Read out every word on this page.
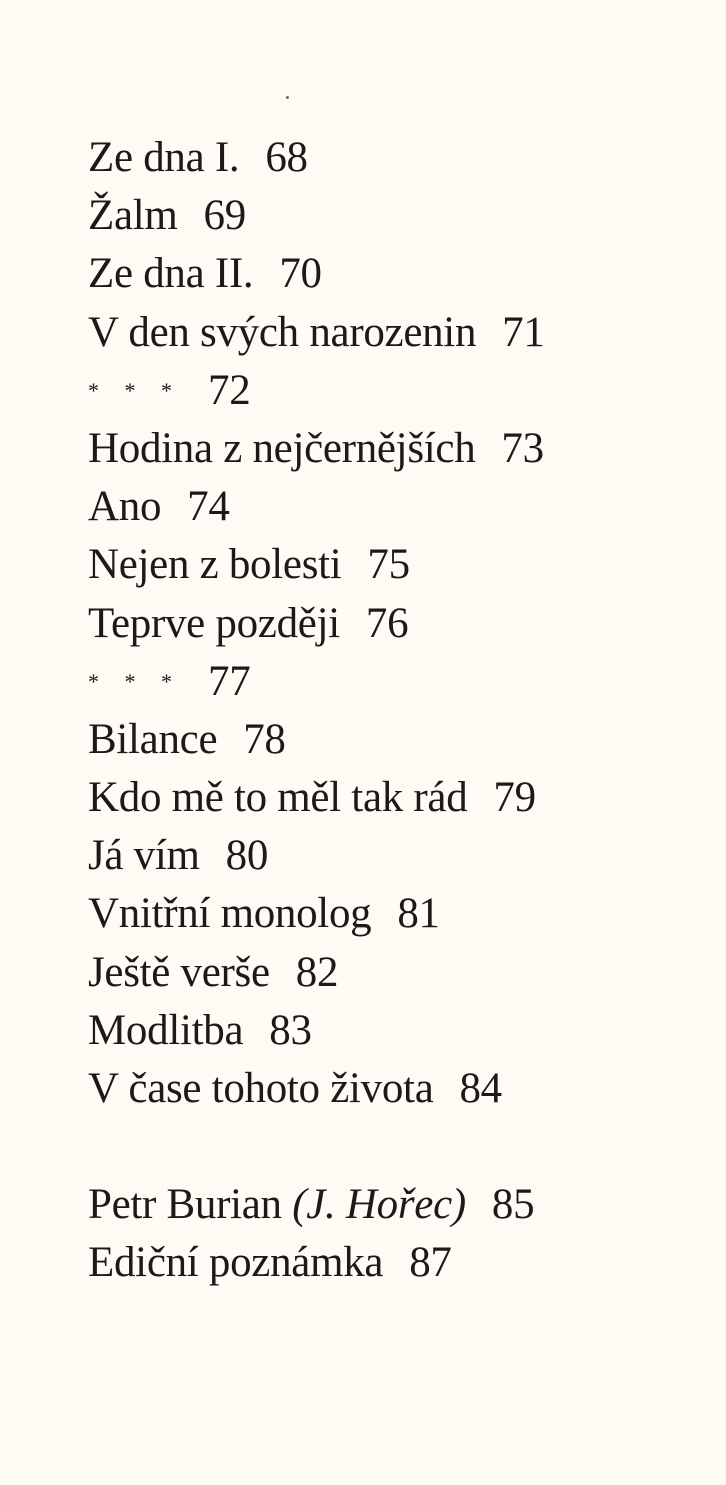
Ze dna I. 68
Žalm 69
Ze dna II. 70
V den svých narozenin 71
* * * 72
Hodina z nejčernějších 73
Ano 74
Nejen z bolesti 75
Teprve později 76
* * * 77
Bilance 78
Kdo mě to měl tak rád 79
Já vím 80
Vnitřní monolog 81
Ještě verše 82
Modlitba 83
V čase tohoto života 84
Petr Burian (J. Hořec) 85
Ediční poznámka 87
